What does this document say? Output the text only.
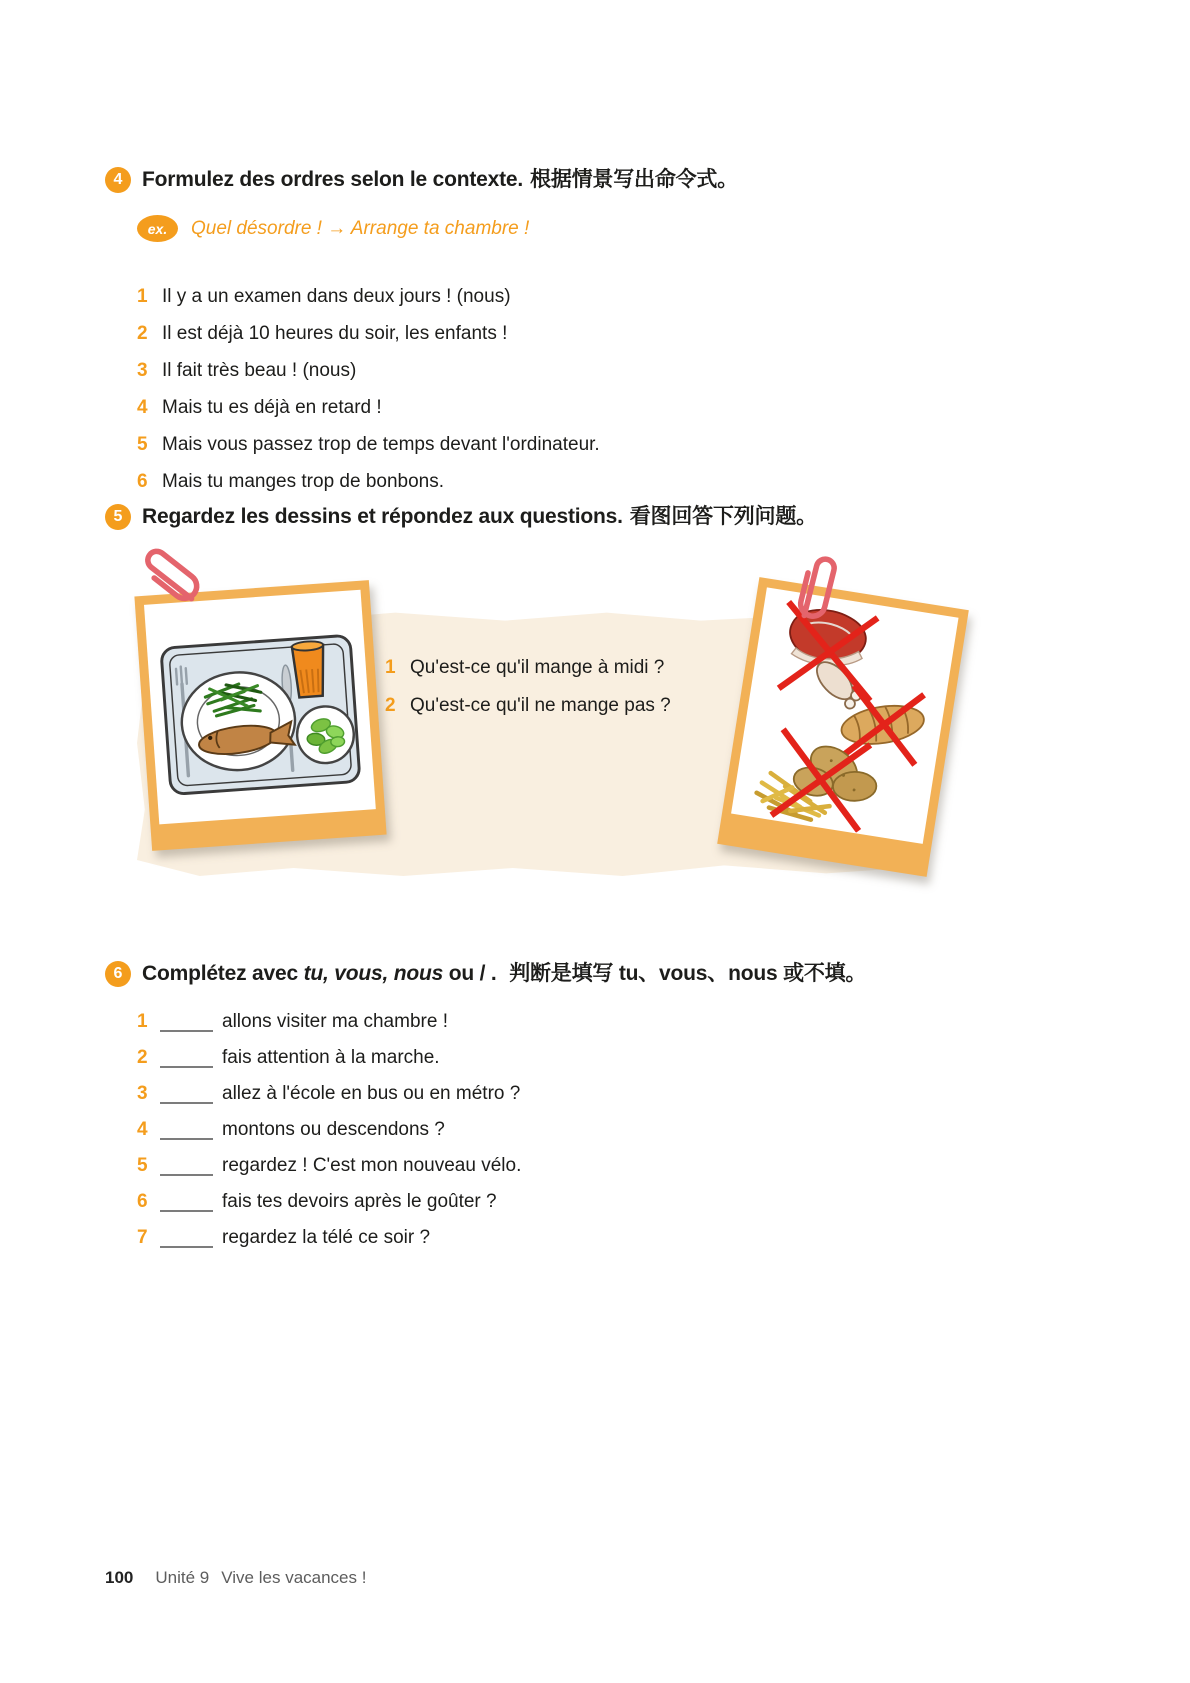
4 Formulez des ordres selon le contexte. 根据情景写出命令式。
ex.	Quel désordre ! → Arrange ta chambre !
1 Il y a un examen dans deux jours ! (nous)
2 Il est déjà 10 heures du soir, les enfants !
3 Il fait très beau ! (nous)
4 Mais tu es déjà en retard !
5 Mais vous passez trop de temps devant l'ordinateur.
6 Mais tu manges trop de bonbons.
5 Regardez les dessins et répondez aux questions. 看图回答下列问题。
1 Qu'est-ce qu'il mange à midi ?
2 Qu'est-ce qu'il ne mange pas ?
6 Complétez avec tu, vous, nous ou / . 判断是填写 tu、vous、nous 或不填。
1	allons visiter ma chambre !
2	fais attention à la marche.
3	allez à l'école en bus ou en métro ?
4	montons ou descendons ?
5	regardez ! C'est mon nouveau vélo.
6	fais tes devoirs après le goûter ?
7	regardez la télé ce soir ?
100 Unité 9 Vive les vacances !
